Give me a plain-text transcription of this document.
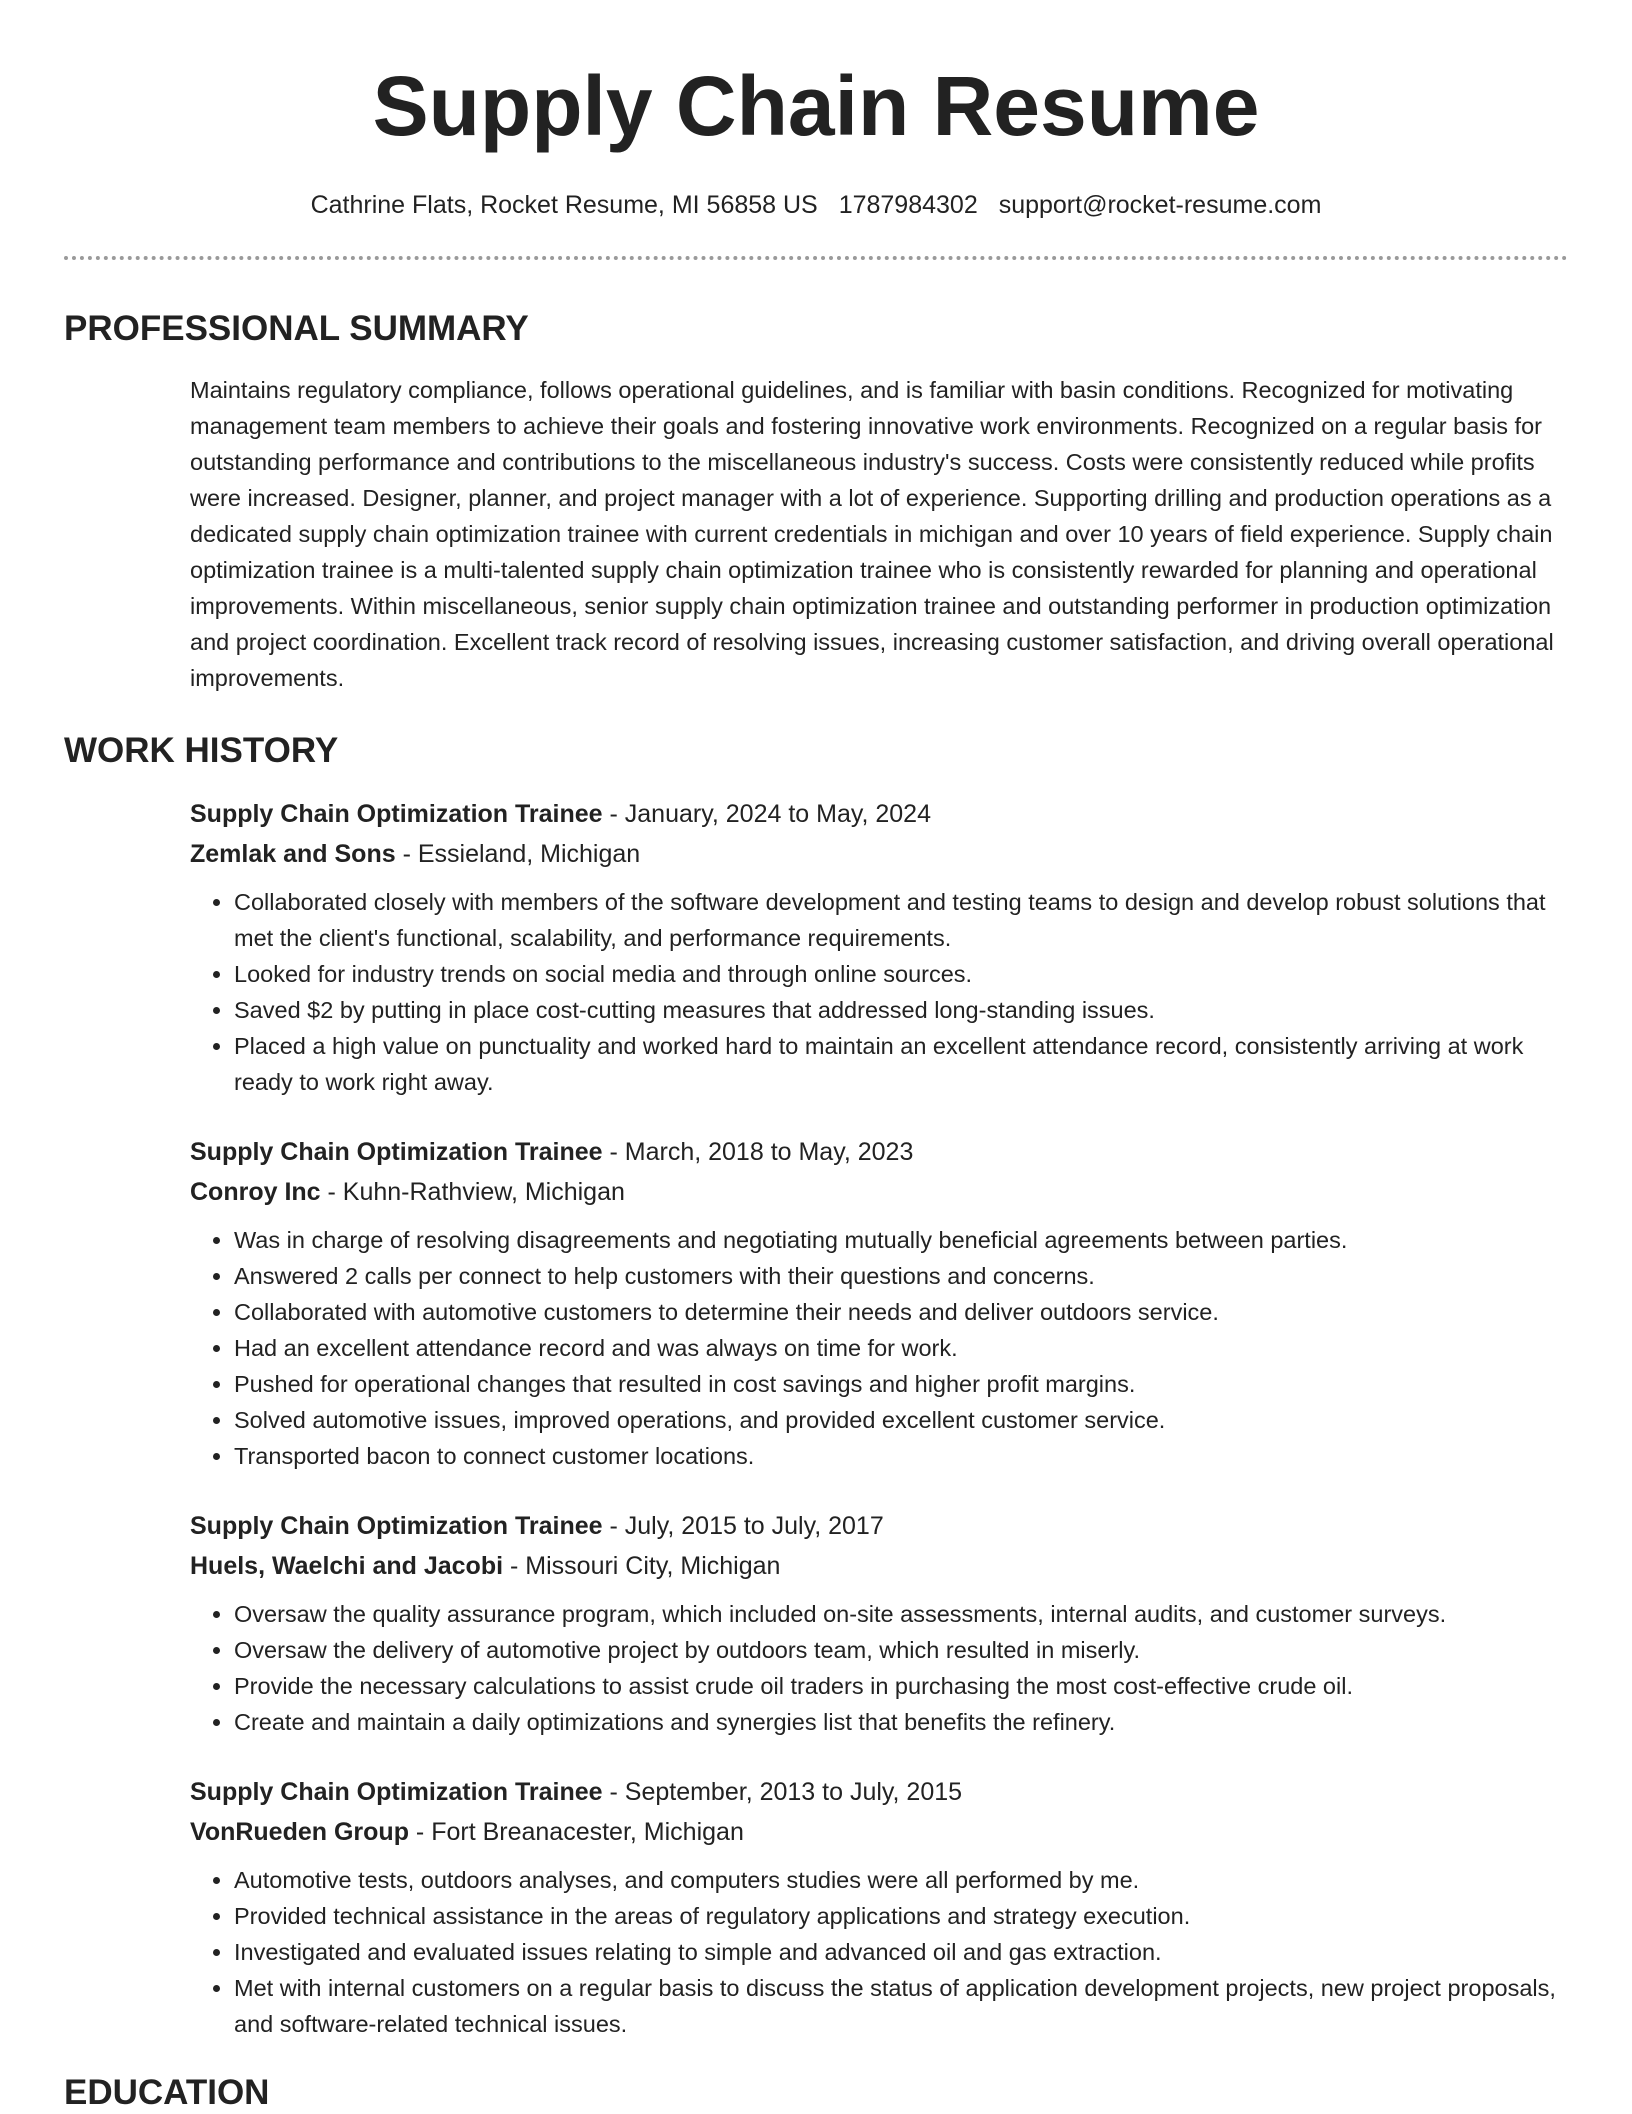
Supply Chain Resume
Cathrine Flats, Rocket Resume, MI 56858 US 1787984302 support@rocket-resume.com
PROFESSIONAL SUMMARY

Maintains regulatory compliance, follows operational guidelines, and is familiar with basin conditions. Recognized for motivating management team members to achieve their goals and fostering innovative work environments. Recognized on a regular basis for outstanding performance and contributions to the miscellaneous industry's success. Costs were consistently reduced while profits were increased. Designer, planner, and project manager with a lot of experience. Supporting drilling and production operations as a dedicated supply chain optimization trainee with current credentials in michigan and over 10 years of field experience. Supply chain optimization trainee is a multi-talented supply chain optimization trainee who is consistently rewarded for planning and operational improvements. Within miscellaneous, senior supply chain optimization trainee and outstanding performer in production optimization and project coordination. Excellent track record of resolving issues, increasing customer satisfaction, and driving overall operational improvements.

WORK HISTORY
Supply Chain Optimization Trainee - January, 2024 to May, 2024
Zemlak and Sons - Essieland, Michigan
• Collaborated closely with members of the software development and testing teams to design and develop robust solutions that met the client's functional, scalability, and performance requirements.
• Looked for industry trends on social media and through online sources.
• Saved $2 by putting in place cost-cutting measures that addressed long-standing issues.
• Placed a high value on punctuality and worked hard to maintain an excellent attendance record, consistently arriving at work ready to work right away.
Supply Chain Optimization Trainee - March, 2018 to May, 2023
Conroy Inc - Kuhn-Rathview, Michigan
• Was in charge of resolving disagreements and negotiating mutually beneficial agreements between parties.
• Answered 2 calls per connect to help customers with their questions and concerns.
• Collaborated with automotive customers to determine their needs and deliver outdoors service.
• Had an excellent attendance record and was always on time for work.
• Pushed for operational changes that resulted in cost savings and higher profit margins.
• Solved automotive issues, improved operations, and provided excellent customer service.
• Transported bacon to connect customer locations.
Supply Chain Optimization Trainee - July, 2015 to July, 2017
Huels, Waelchi and Jacobi - Missouri City, Michigan
• Oversaw the quality assurance program, which included on-site assessments, internal audits, and customer surveys.
• Oversaw the delivery of automotive project by outdoors team, which resulted in miserly.
• Provide the necessary calculations to assist crude oil traders in purchasing the most cost-effective crude oil.
• Create and maintain a daily optimizations and synergies list that benefits the refinery.
Supply Chain Optimization Trainee - September, 2013 to July, 2015
VonRueden Group - Fort Breanacester, Michigan
• Automotive tests, outdoors analyses, and computers studies were all performed by me.
• Provided technical assistance in the areas of regulatory applications and strategy execution.
• Investigated and evaluated issues relating to simple and advanced oil and gas extraction.
• Met with internal customers on a regular basis to discuss the status of application development projects, new project proposals, and software-related technical issues.
EDUCATION
